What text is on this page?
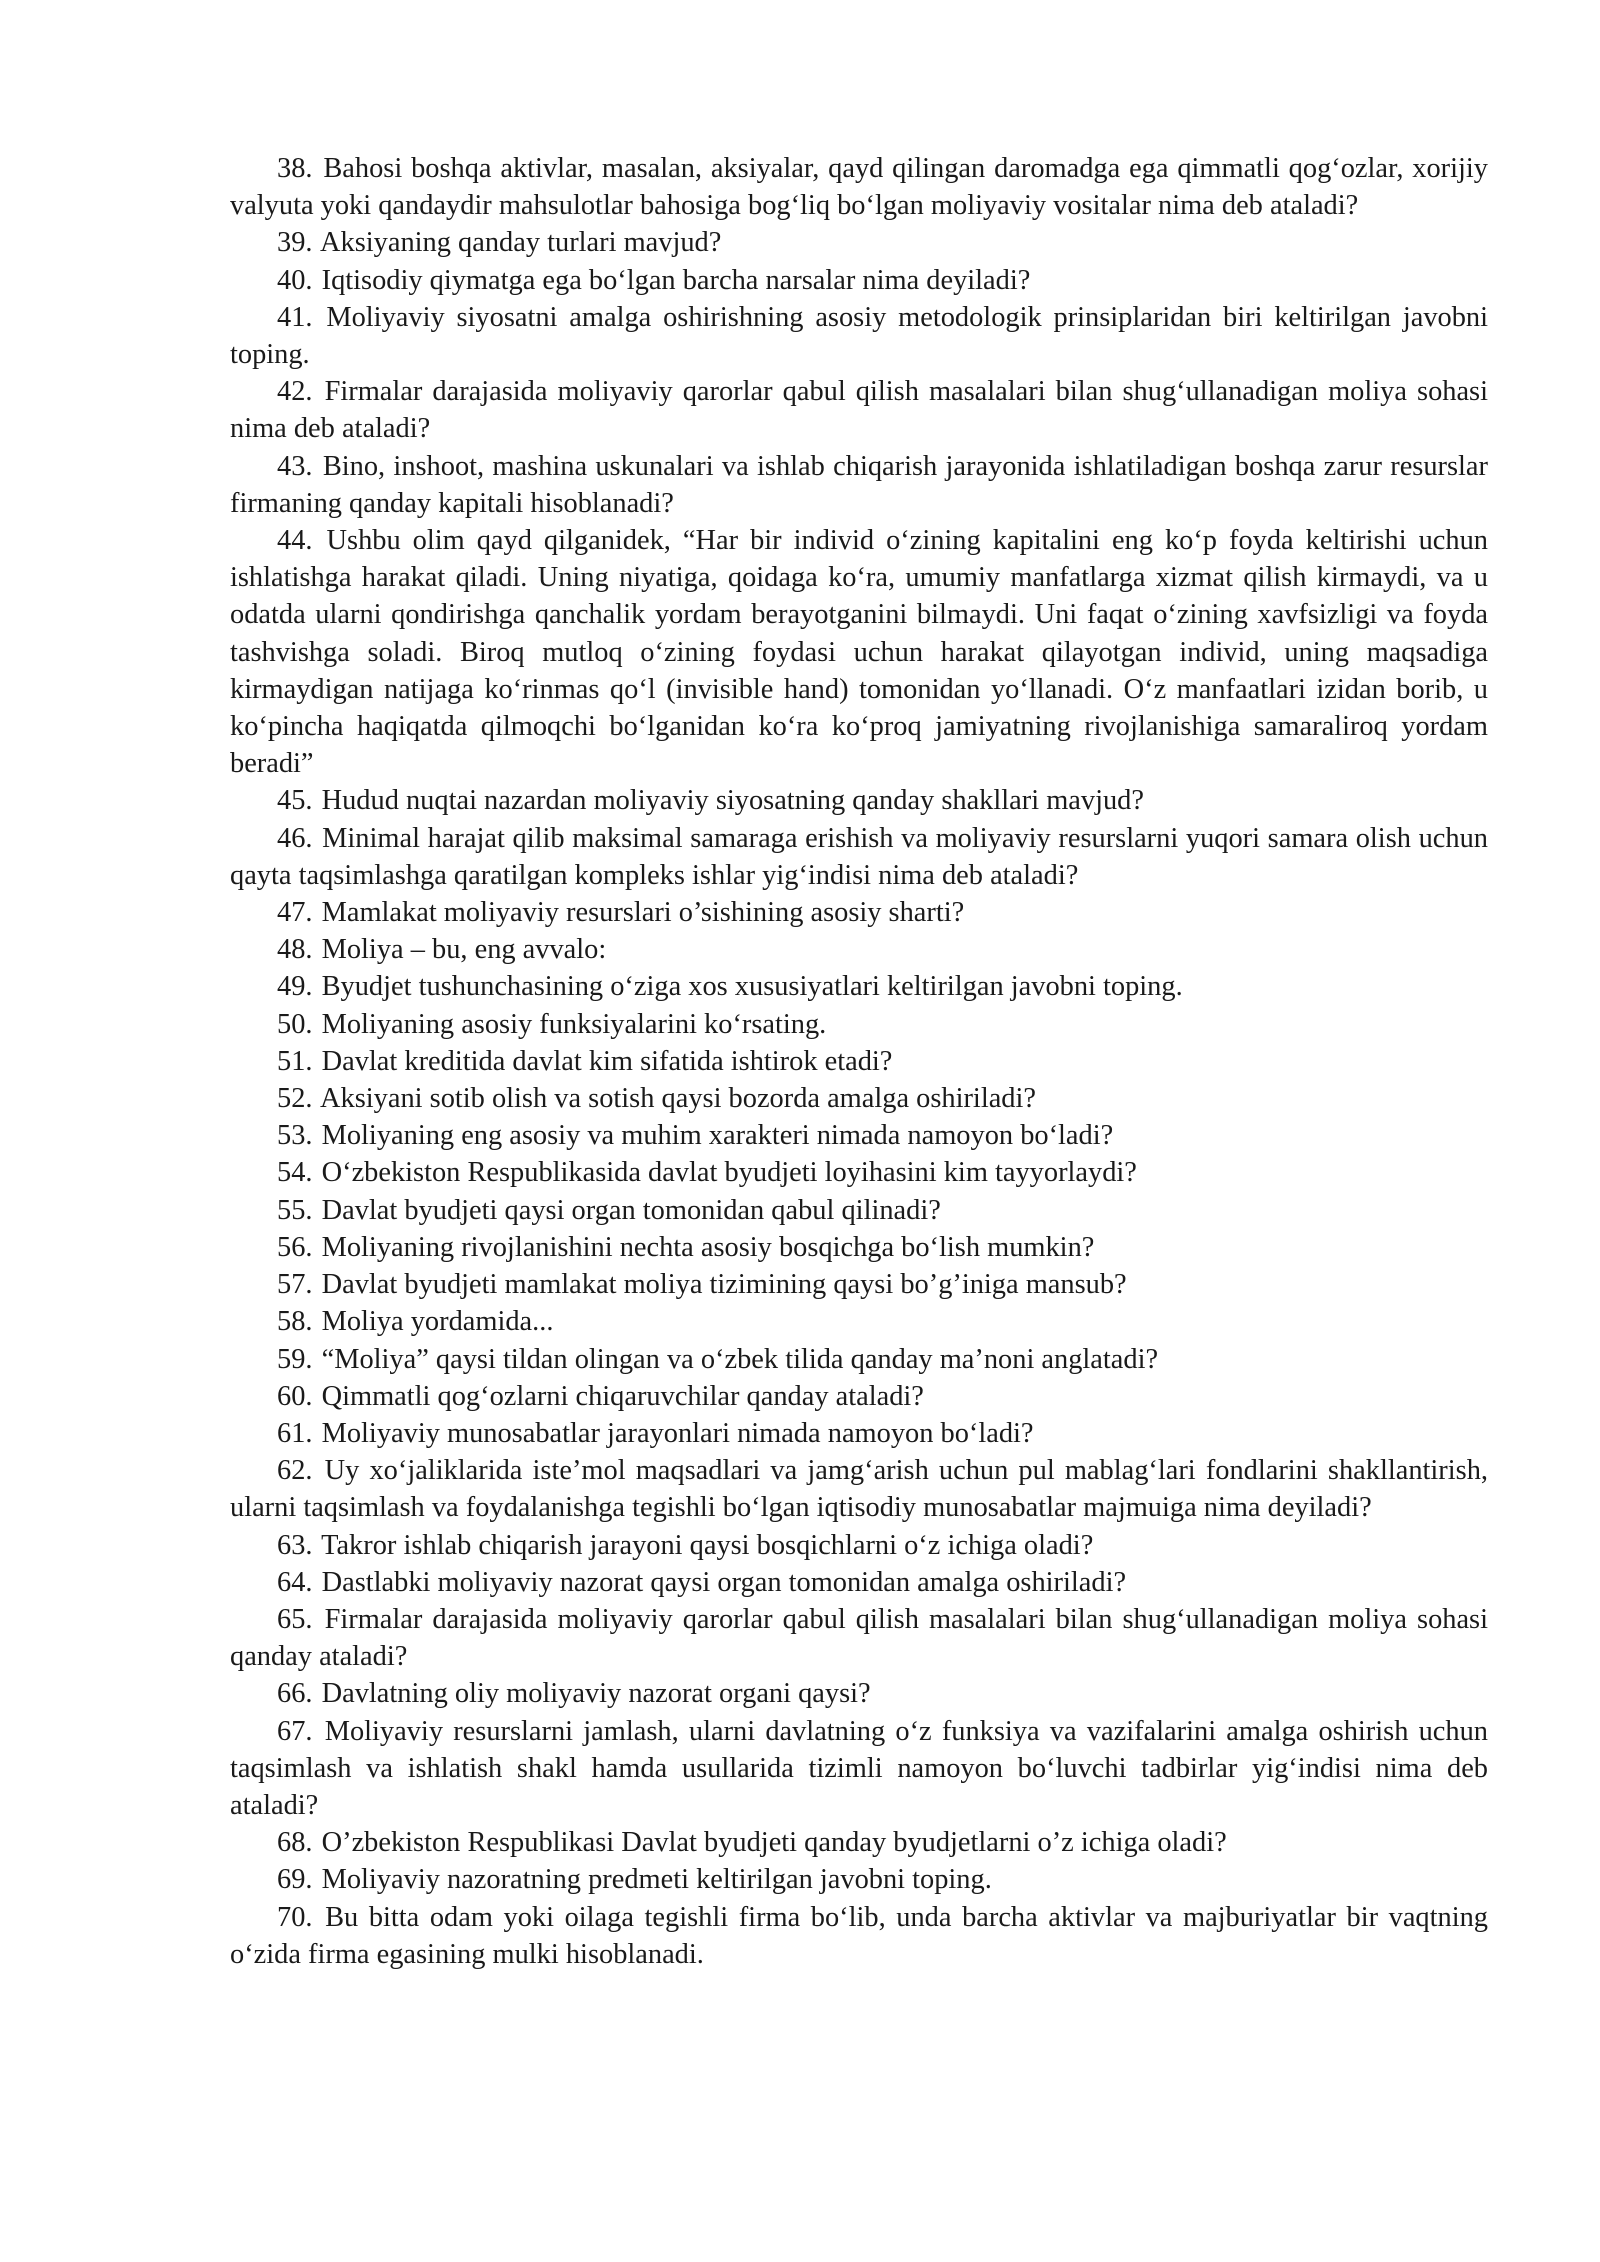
38. Bahosi boshqa aktivlar, masalan, aksiyalar, qayd qilingan daromadga ega qimmatli qog‘ozlar, xorijiy valyuta yoki qandaydir mahsulotlar bahosiga bog‘liq bo‘lgan moliyaviy vositalar nima deb ataladi?

39. Aksiyaning qanday turlari mavjud?

40. Iqtisodiy qiymatga ega bo‘lgan barcha narsalar nima deyiladi?

41. Moliyaviy siyosatni amalga oshirishning asosiy metodologik prinsiplaridan biri keltirilgan javobni toping.

42. Firmalar darajasida moliyaviy qarorlar qabul qilish masalalari bilan shug‘ullanadigan moliya sohasi nima deb ataladi?

43. Bino, inshoot, mashina uskunalari va ishlab chiqarish jarayonida ishlatiladigan boshqa zarur resurslar firmaning qanday kapitali hisoblanadi?

44. Ushbu olim qayd qilganidek, “Har bir individ o‘zining kapitalini eng ko‘p foyda keltirishi uchun ishlatishga harakat qiladi. Uning niyatiga, qoidaga ko‘ra, umumiy manfatlarga xizmat qilish kirmaydi, va u odatda ularni qondirishga qanchalik yordam berayotganini bilmaydi. Uni faqat o‘zining xavfsizligi va foyda tashvishga soladi. Biroq mutloq o‘zining foydasi uchun harakat qilayotgan individ, uning maqsadiga kirmaydigan natijaga ko‘rinmas qo‘l (invisible hand) tomonidan yo‘llanadi. O‘z manfaatlari izidan borib, u ko‘pincha haqiqatda qilmoqchi bo‘lganidan ko‘ra ko‘proq jamiyatning rivojlanishiga samaraliroq yordam beradi”

45. Hudud nuqtai nazardan moliyaviy siyosatning qanday shakllari mavjud?

46. Minimal harajat qilib maksimal samaraga erishish va moliyaviy resurslarni yuqori samara olish uchun qayta taqsimlashga qaratilgan kompleks ishlar yig‘indisi nima deb ataladi?

47. Mamlakat moliyaviy resurslari o’sishining asosiy sharti?

48. Moliya – bu, eng avvalo:

49. Byudjet tushunchasining o‘ziga xos xususiyatlari keltirilgan javobni toping.

50. Moliyaning asosiy funksiyalarini ko‘rsating.

51. Davlat kreditida davlat kim sifatida ishtirok etadi?

52. Aksiyani sotib olish va sotish qaysi bozorda amalga oshiriladi?

53. Moliyaning eng asosiy va muhim xarakteri nimada namoyon bo‘ladi?

54. O‘zbekiston Respublikasida davlat byudjeti loyihasini kim tayyorlaydi?

55. Davlat byudjeti qaysi organ tomonidan qabul qilinadi?

56. Moliyaning rivojlanishini nechta asosiy bosqichga bo‘lish mumkin?

57. Davlat byudjeti mamlakat moliya tizimining qaysi bo’g’iniga mansub?

58. Moliya yordamida...

59. “Moliya” qaysi tildan olingan va o‘zbek tilida qanday ma’noni anglatadi?

60. Qimmatli qog‘ozlarni chiqaruvchilar qanday ataladi?

61. Moliyaviy munosabatlar jarayonlari nimada namoyon bo‘ladi?

62. Uy xo‘jaliklarida iste’mol maqsadlari va jamg‘arish uchun pul mablag‘lari fondlarini shakllantirish, ularni taqsimlash va foydalanishga tegishli bo‘lgan iqtisodiy munosabatlar majmuiga nima deyiladi?

63. Takror ishlab chiqarish jarayoni qaysi bosqichlarni o‘z ichiga oladi?

64. Dastlabki moliyaviy nazorat qaysi organ tomonidan amalga oshiriladi?

65. Firmalar darajasida moliyaviy qarorlar qabul qilish masalalari bilan shug‘ullanadigan moliya sohasi qanday ataladi?

66. Davlatning oliy moliyaviy nazorat organi qaysi?

67. Moliyaviy resurslarni jamlash, ularni davlatning o‘z funksiya va vazifalarini amalga oshirish uchun taqsimlash va ishlatish shakl hamda usullarida tizimli namoyon bo‘luvchi tadbirlar yig‘indisi nima deb ataladi?

68. O’zbekiston Respublikasi Davlat byudjeti qanday byudjetlarni o’z ichiga oladi?

69. Moliyaviy nazoratning predmeti keltirilgan javobni toping.

70. Bu bitta odam yoki oilaga tegishli firma bo‘lib, unda barcha aktivlar va majburiyatlar bir vaqtning o‘zida firma egasining mulki hisoblanadi.
